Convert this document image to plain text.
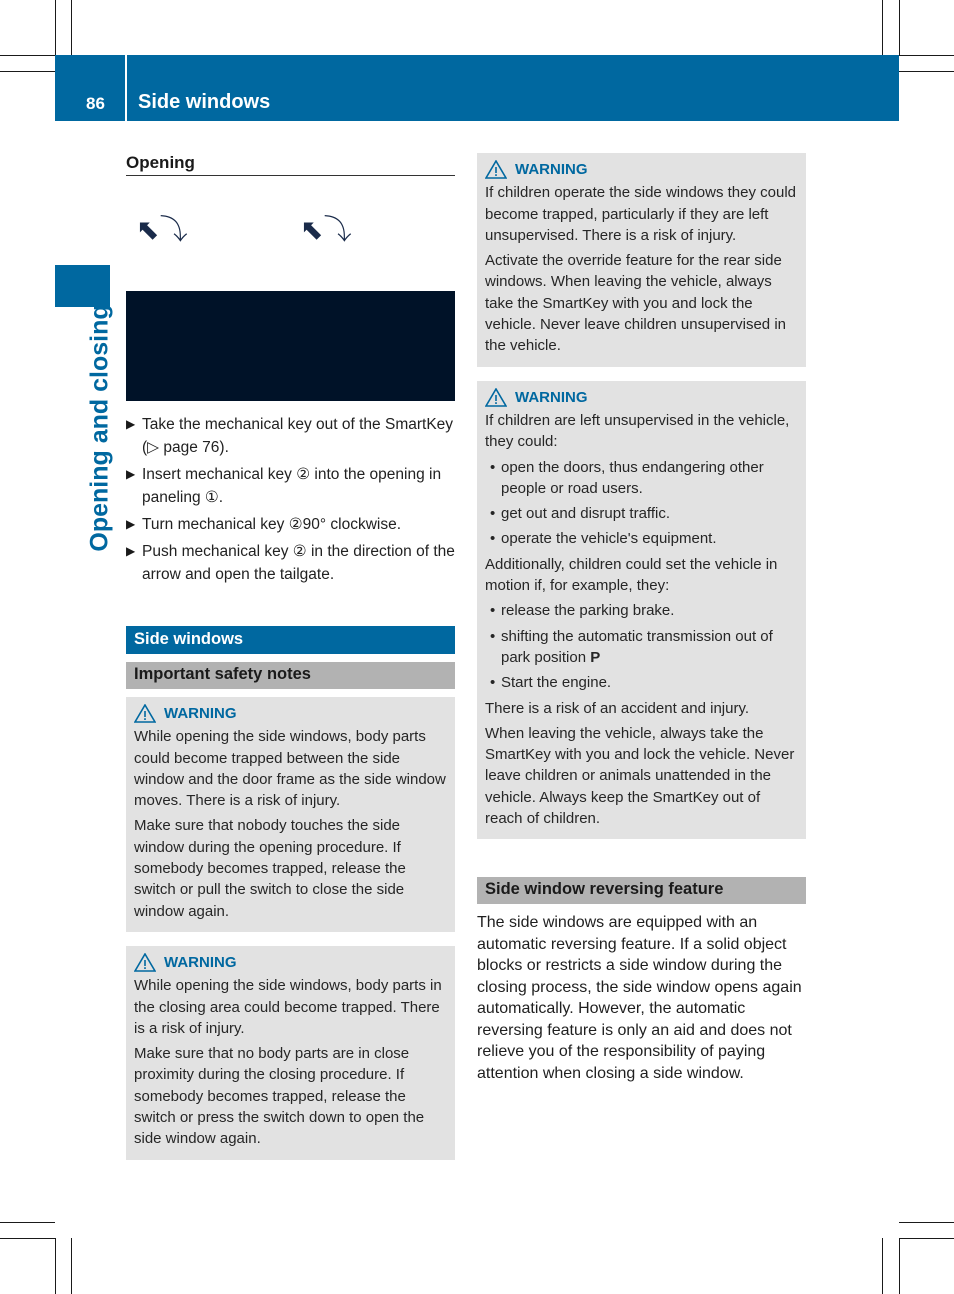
86 Side windows
Opening and closing
Opening
⬉⤵	⬉⤵
▶ Take the mechanical key out of the SmartKey (▷ page 76).
▶ Insert mechanical key ② into the opening in paneling ①.
▶ Turn mechanical key ②90° clockwise.
▶ Push mechanical key ② in the direction of the arrow and open the tailgate.
Side windows
Important safety notes
WARNING

While opening the side windows, body parts could become trapped between the side window and the door frame as the side window moves. There is a risk of injury.

Make sure that nobody touches the side window during the opening procedure. If somebody becomes trapped, release the switch or pull the switch to close the side window again.

WARNING

While opening the side windows, body parts in the closing area could become trapped. There is a risk of injury.

Make sure that no body parts are in close proximity during the closing procedure. If somebody becomes trapped, release the switch or press the switch down to open the side window again.

WARNING

If children operate the side windows they could become trapped, particularly if they are left unsupervised. There is a risk of injury.

Activate the override feature for the rear side windows. When leaving the vehicle, always take the SmartKey with you and lock the vehicle. Never leave children unsupervised in the vehicle.

WARNING

If children are left unsupervised in the vehicle, they could:

• open the doors, thus endangering other people or road users.
• get out and disrupt traffic.
• operate the vehicle's equipment.

Additionally, children could set the vehicle in motion if, for example, they:

• release the parking brake.
• shifting the automatic transmission out of park position P
• Start the engine.

There is a risk of an accident and injury.

When leaving the vehicle, always take the SmartKey with you and lock the vehicle. Never leave children or animals unattended in the vehicle. Always keep the SmartKey out of reach of children.

Side window reversing feature

The side windows are equipped with an automatic reversing feature. If a solid object blocks or restricts a side window during the closing process, the side window opens again automatically. However, the automatic reversing feature is only an aid and does not relieve you of the responsibility of paying attention when closing a side window.
